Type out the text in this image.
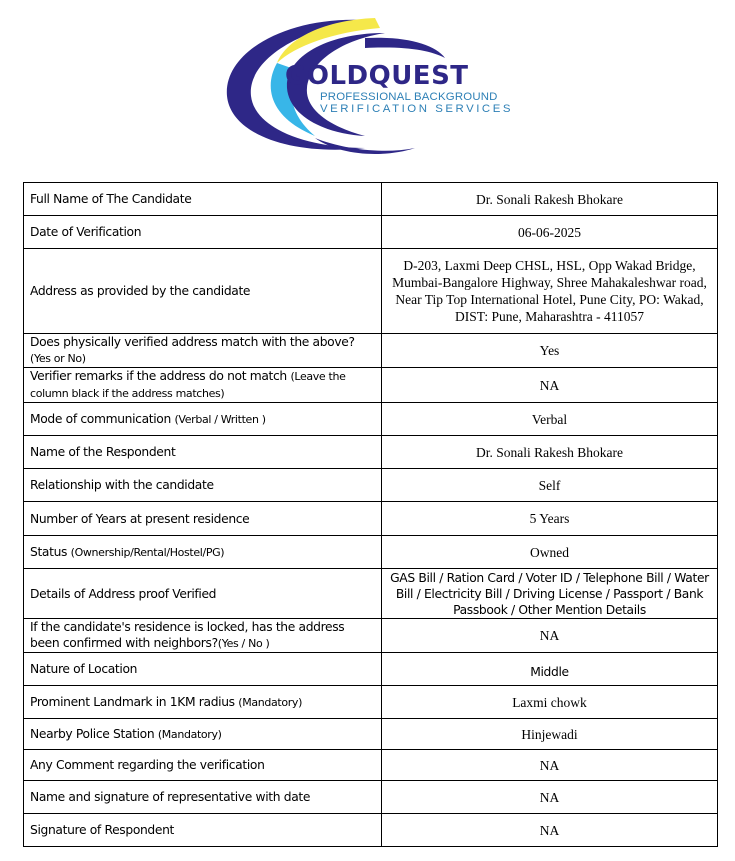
GOLDQUEST
PROFESSIONAL BACKGROUND
VERIFICATION SERVICES
Full Name of The Candidate	Dr. Sonali Rakesh Bhokare
Date of Verification	06-06-2025
Address as provided by the candidate	D-203, Laxmi Deep CHSL, HSL, Opp Wakad Bridge, Mumbai-Bangalore Highway, Shree Mahakaleshwar road, Near Tip Top International Hotel, Pune City, PO: Wakad, DIST: Pune, Maharashtra - 411057
Does physically verified address match with the above?
(Yes or No)	Yes
Verifier remarks if the address do not match (Leave the column black if the address matches)	NA
Mode of communication (Verbal / Written )	Verbal
Name of the Respondent	Dr. Sonali Rakesh Bhokare
Relationship with the candidate	Self
Number of Years at present residence	5 Years
Status (Ownership/Rental/Hostel/PG)	Owned
Details of Address proof Verified	GAS Bill / Ration Card / Voter ID / Telephone Bill / Water Bill / Electricity Bill / Driving License / Passport / Bank Passbook / Other Mention Details
If the candidate's residence is locked, has the address been confirmed with neighbors?(Yes / No )	NA
Nature of Location	Middle
Prominent Landmark in 1KM radius (Mandatory)	Laxmi chowk
Nearby Police Station (Mandatory)	Hinjewadi
Any Comment regarding the verification	NA
Name and signature of representative with date	NA
Signature of Respondent	NA
